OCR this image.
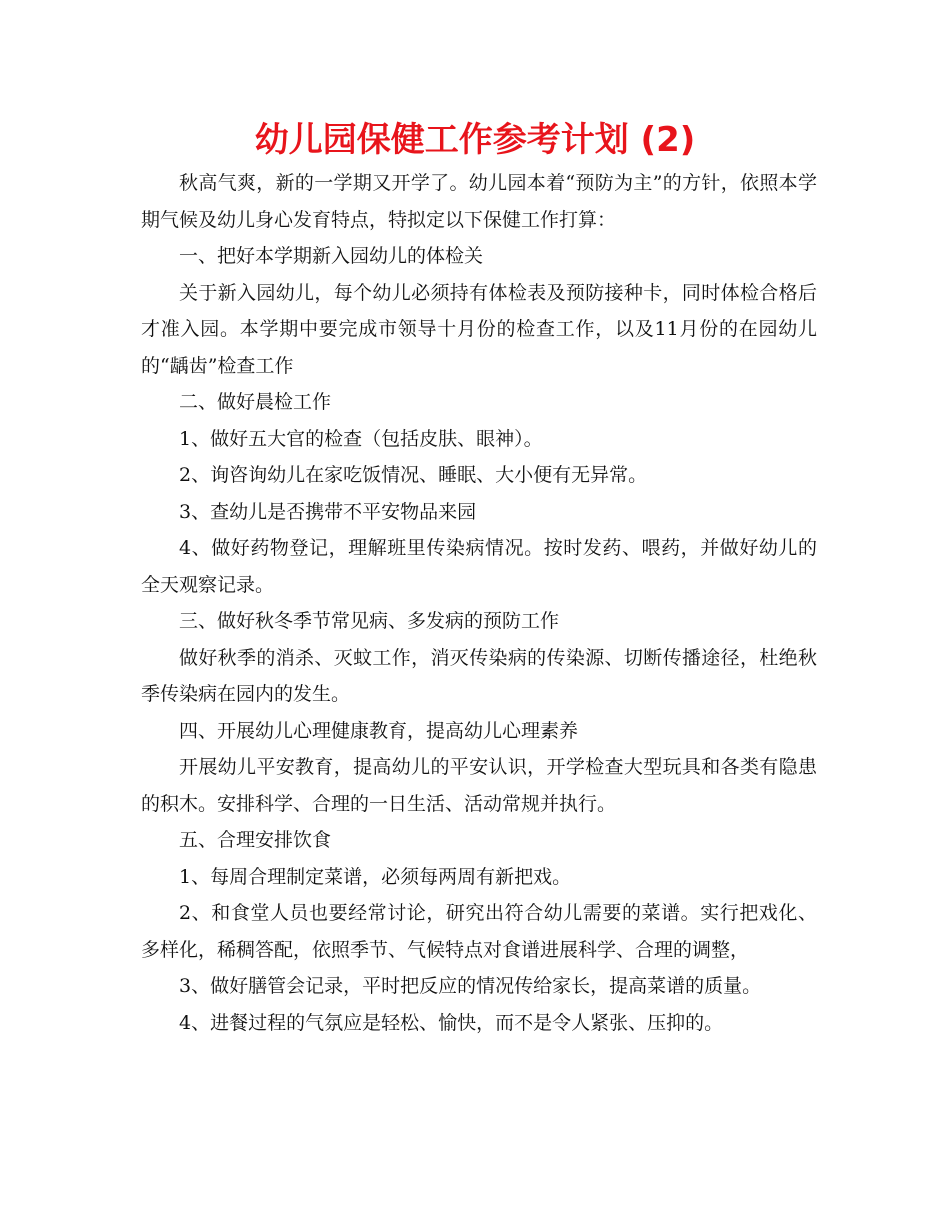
幼儿园保健工作参考计划 (2)

秋高气爽，新的一学期又开学了。幼儿园本着“预防为主”的方针，依照本学期气候及幼儿身心发育特点，特拟定以下保健工作打算：

一、把好本学期新入园幼儿的体检关

关于新入园幼儿，每个幼儿必须持有体检表及预防接种卡，同时体检合格后才准入园。本学期中要完成市领导十月份的检查工作，以及11月份的在园幼儿的“龋齿”检查工作

二、做好晨检工作

1、做好五大官的检查（包括皮肤、眼神）。

2、询咨询幼儿在家吃饭情况、睡眠、大小便有无异常。

3、查幼儿是否携带不平安物品来园

4、做好药物登记，理解班里传染病情况。按时发药、喂药，并做好幼儿的全天观察记录。

三、做好秋冬季节常见病、多发病的预防工作

做好秋季的消杀、灭蚊工作，消灭传染病的传染源、切断传播途径，杜绝秋季传染病在园内的发生。

四、开展幼儿心理健康教育，提高幼儿心理素养

开展幼儿平安教育，提高幼儿的平安认识，开学检查大型玩具和各类有隐患的积木。安排科学、合理的一日生活、活动常规并执行。

五、合理安排饮食

1、每周合理制定菜谱，必须每两周有新把戏。

2、和食堂人员也要经常讨论，研究出符合幼儿需要的菜谱。实行把戏化、多样化，稀稠答配，依照季节、气候特点对食谱进展科学、合理的调整，

3、做好膳管会记录，平时把反应的情况传给家长，提高菜谱的质量。

4、进餐过程的气氛应是轻松、愉快，而不是令人紧张、压抑的。
